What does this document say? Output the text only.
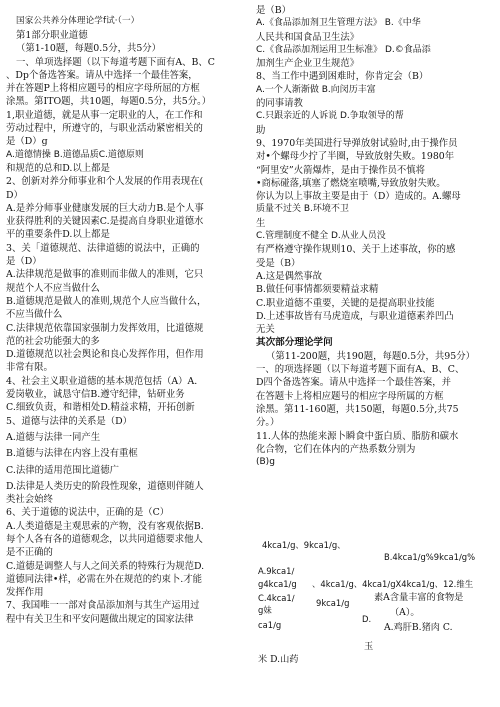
国家公共养分体理论学f试·（一）
第1部分职业道德
（第1-10题，每题0.5分，共5分）
一、单项选择题（以下每道考题下面有A、B、C
、Dp个备选答案。请从中选择一个最佳答案，
并在答题P上将相应题号的相应字母所屈的方框
涂黑。第ITO题，共10题，每题0.5分，共5分。）
1,职业道德，就是从事一定职业的人，在工作和
劳动过程中，所遵守的，与职业活动紧密相关的
是（D）g
A.道德情操 B.道德品质C.道德原则
和规范的总和D.以上都是
2、创新对养分师事业和个人发展的作用表现在(
D）
A.是养分师事业健康发展的巨大动力B.是个人事
业获得胜利的关键因素C.是提高自身职业道德水
平的重要条件D.以上都是
3、关「道德规范、法律道德的说法中，正确的
是（D）
A.法律规范是做事的准则而非做人的准则，它只
规范个人不应当做什么
B.道德规范是做人的准则,规范个人应当做什么，
不应当做什么
C.法律规范依靠国家强制力发挥效用，比道德规
范的社会功能强大的多
D.道德规范以社会舆论和良心发挥作用，但作用
非常有限。
4、社会主义职业道德的基本规范包括（A）A.
爱岗敬业，诚恳守信B.遵守纪律，钻研业务
C.细致负责，和谐相处D.精益求精，开拓创新
5、道德与法律的关系是（D）
A.道德与法律一同产生
B.道德与法律在内容上没有重框
C.法律的适用范围比道德广
D.法律是人类历史的阶段性现象，道德则伴随人
类社会始终
6、关于道德的说法中，正确的是（C）
A.人类道德是主观思索的产物，没有客观依据B.
每个人各有各的道德观念，以共同道德要求他人
是不正确的
C.道德是调整人与人之间关系的特殊行为规范D.
道德同法律•样，必需在外在规范的约束卜.才能
发挥作用
7、我国唯一一部对食品添加剂与其生产运用过
程中有关卫生和平安问题做出规定的国家法律
是（B）
A.《食品添加剂卫生管理方法》 B.《中华
人民共和国食品卫生法》
C.《食品添加剂运用卫生标准》 D.©食品添
加剂生产企业卫生规范》
8、当工作中遇到困难时，你肯定会（B）
A.一个人渐渐做 B.向闵历丰富
的同事请教
C.只跟亲近的人诉说 D.争取领导的帮
助
9、1970年美国进行导弹放射试验时,由于操作员
对•个螺母少拧了半圈，导致放射失败。1980年
“阿里安”火箭爆炸，是由于操作员不慎将
•商标碰落,填塞了燃烧室喷嘴,导致放射失败。
你认为以上事故主要是由于（D）造成的。A.螺母
质量不过关 B.环境不卫
生
C.管理制度不健全 D.从业人员没
有严格遵守操作规则10、关于上述事故，你的感
受是（B）
A.这是偶然事故
B.做任何事情都须要精益求精
C.职业道德不重要，关键的是提高职业技能
D.上述事故皆有马虎造成，与职业道德素养凹凸
无关
其次部分理论学问
（第11-200题，共190题，每题0.5分，共95分）
一、的项选择题（以下每道考题下面有A、B、C、
D四个备选答案。请从中选择一个最佳答案，并
在答题卡上将相应题号的相应字母所属的方框
涂黑。第11-160题，共150题，每题0.5分,共75
分。）
11.人体的热能来源卜瞬食中蛋白质、脂肪和碳水
化合物，它们在体内的产热系数分别为
(B)g
4kca1∕g、9kca1∕g、
B.4kca1∕g%9kca1∕g%
A.9kca1∕
g4kca1∕g 、4kca1∕g、4kca1∕gX4kca1∕g、12.维生
素A含量丰富的食物是
C.4kca1∕
g妹
9kca1∕g
（A）。
ca1∕g
D.
A.鸡肝B.猪肉 C.
玉
米 D.山药
